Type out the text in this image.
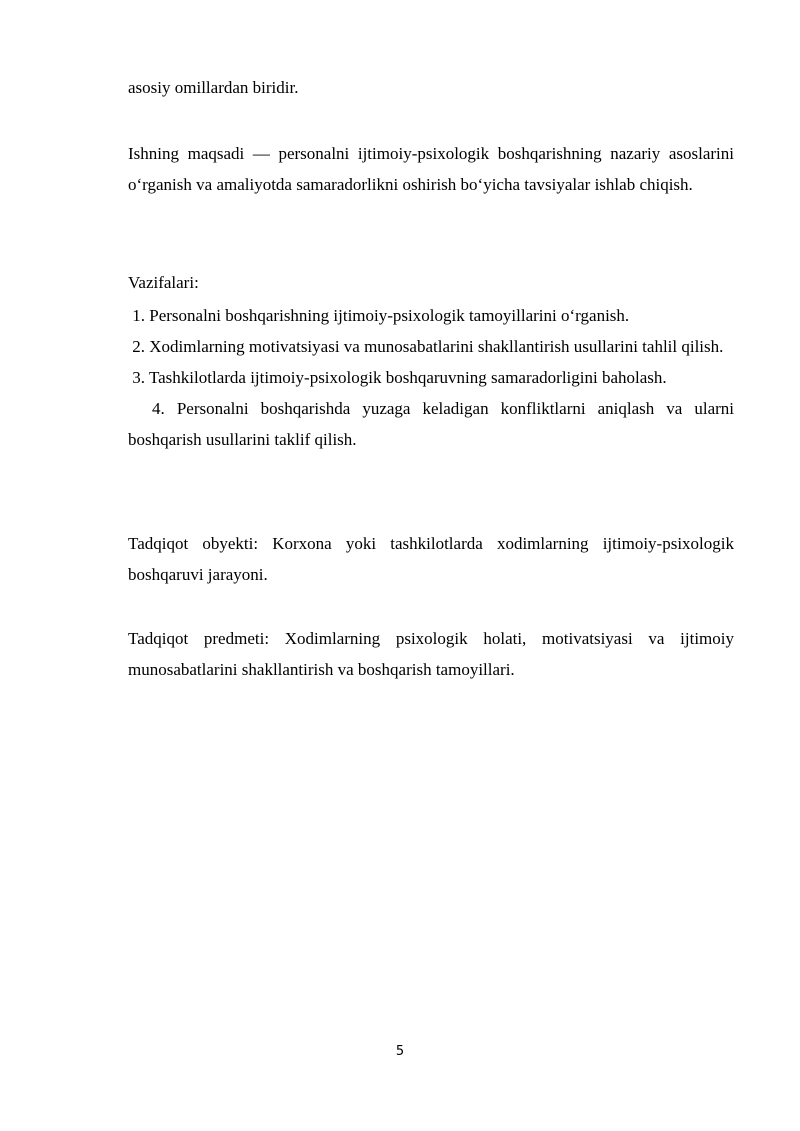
asosiy omillardan biridir.

Ishning maqsadi — personalni ijtimoiy-psixologik boshqarishning nazariy asoslarini o‘rganish va amaliyotda samaradorlikni oshirish bo‘yicha tavsiyalar ishlab chiqish.

Vazifalari:

1. Personalni boshqarishning ijtimoiy-psixologik tamoyillarini o‘rganish.
2. Xodimlarning motivatsiyasi va munosabatlarini shakllantirish usullarini tahlil qilish.
3. Tashkilotlarda ijtimoiy-psixologik boshqaruvning samaradorligini baholash.
4. Personalni boshqarishda yuzaga keladigan konfliktlarni aniqlash va ularni boshqarish usullarini taklif qilish.

Tadqiqot obyekti: Korxona yoki tashkilotlarda xodimlarning ijtimoiy-psixologik boshqaruvi jarayoni.

Tadqiqot predmeti: Xodimlarning psixologik holati, motivatsiyasi va ijtimoiy munosabatlarini shakllantirish va boshqarish tamoyillari.

5
